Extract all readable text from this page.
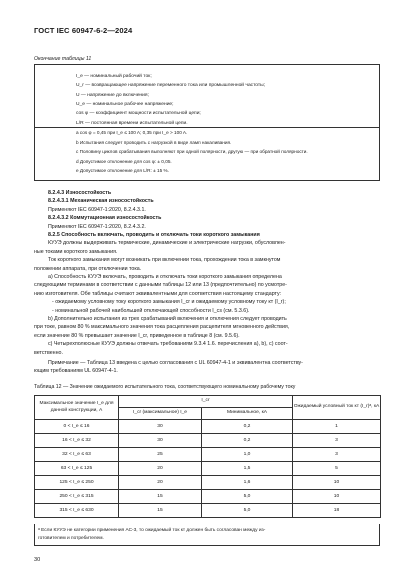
ГОСТ IEC 60947-6-2—2024
Окончание таблицы 11
I_e — номинальный рабочий ток;
U_r — возвращающее напряжение переменного тока или промышленной частоты;
U — напряжение до включения;
U_e — номинальное рабочее напряжение;
cos φ — коэффициент мощности испытательной цепи;
L/R — постоянная времени испытательной цепи.
a cos φ = 0,45 при I_e ≤ 100 A; 0,35 при I_e > 100 A.
b Испытания следует проводить с нагрузкой в виде ламп накаливания.
c Половину циклов срабатывания выполняют при одной полярности, другую — при обратной полярности.
d Допустимое отклонение для cos φ: ± 0,05.
e Допустимое отклонение для L/R: ± 15 %.
8.2.4.3 Износостойкость
8.2.4.3.1 Механическая износостойкость
Применяют IEC 60947-1:2020, 8.2.4.3.1.
8.2.4.3.2 Коммутационная износостойкость
Применяют IEC 60947-1:2020, 8.2.4.3.2.
8.2.5 Способность включать, проводить и отключать токи короткого замыкания
КУУЭ должны выдерживать термические, динамические и электрические нагрузки, обусловлен-
ные токами короткого замыкания.
Ток короткого замыкания могут возникать при включении тока, прохождении тока в замкнутом
положении аппарата, при отключении тока.
a) Способность КУУЭ включать, проводить и отключать токи короткого замыкания определена
следующими терминами в соответствии с данными таблицы 12 или 13 (предпочтительно) по усмотре-
нию изготовителя. Обе таблицы считают эквивалентными для соответствия настоящему стандарту:
- ожидаемому условному току короткого замыкания I_cr и ожидаемому условному току кт (I_r);
- номинальной рабочей наибольшей отключающей способности I_cs (см. 5.3.6).
b) Дополнительно испытания из трех срабатываний включения и отключения следует проводить
при токе, равном 80 % максимального значения тока расцепления расцепителя мгновенного действия,
если значение 80 % превышает значение I_cr, приведенное в таблице 8 (см. 9.5.6).
c) Четырехполюсные КУУЭ должны отвечать требованиям 9.3.4 1.6. перечисления а), b), с) соот-
ветственно.
Примечание — Таблица 13 введена с целью согласования с UL 60947-4-1 и эквивалентна соответству-
ющим требованиям UL 60947-4-1.
Таблица 12 — Значение ожидаемого испытательного тока, соответствующего номинальному рабочему току
Максимальное значение I_e для данной конструкции, А	I_cr		Ожидаемый условный ток кт (I_r)ᵃ, кА
	I_cr (максимальное) I_e	Минимальное, кА	
0 < I_e ≤ 16	30	0,2	1
16 < I_e ≤ 32	30	0,2	3
32 < I_e ≤ 63	25	1,0	3
63 < I_e ≤ 125	20	1,5	5
125 < I_e ≤ 250	20	1,6	10
250 < I_e ≤ 315	15	5,0	10
315 < I_e ≤ 630	15	5,0	18
ᵃ Если КУУЭ не категории применения АС-3, то ожидаемый ток кт должен быть согласован между из-
готовителем и потребителем.
30
